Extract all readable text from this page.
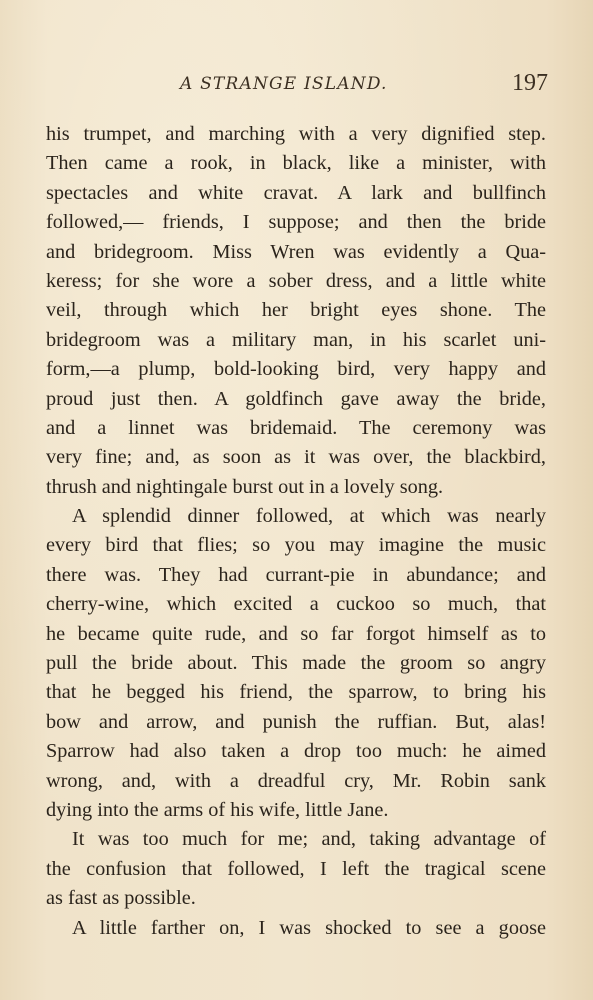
A STRANGE ISLAND.	197
his trumpet, and marching with a very dignified step.
Then came a rook, in black, like a minister, with
spectacles and white cravat. A lark and bullfinch
followed,— friends, I suppose; and then the bride
and bridegroom. Miss Wren was evidently a Qua-
keress; for she wore a sober dress, and a little white
veil, through which her bright eyes shone. The
bridegroom was a military man, in his scarlet uni-
form,—a plump, bold-looking bird, very happy and
proud just then. A goldfinch gave away the bride,
and a linnet was bridemaid. The ceremony was
very fine; and, as soon as it was over, the blackbird,
thrush and nightingale burst out in a lovely song.
A splendid dinner followed, at which was nearly
every bird that flies; so you may imagine the music
there was. They had currant-pie in abundance; and
cherry-wine, which excited a cuckoo so much, that
he became quite rude, and so far forgot himself as to
pull the bride about. This made the groom so angry
that he begged his friend, the sparrow, to bring his
bow and arrow, and punish the ruffian. But, alas!
Sparrow had also taken a drop too much: he aimed
wrong, and, with a dreadful cry, Mr. Robin sank
dying into the arms of his wife, little Jane.
It was too much for me; and, taking advantage of
the confusion that followed, I left the tragical scene
as fast as possible.
A little farther on, I was shocked to see a goose
